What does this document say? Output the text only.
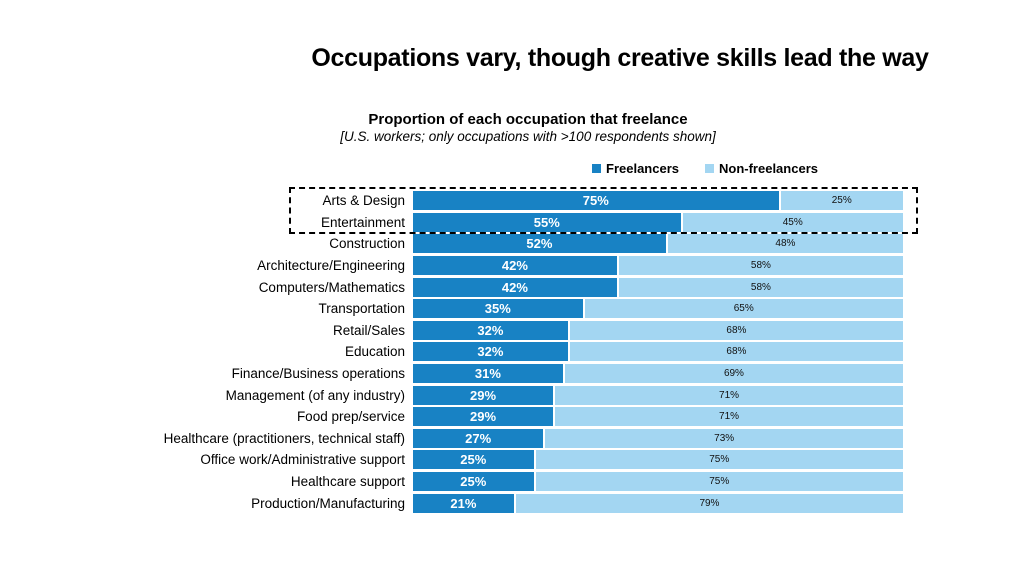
Occupations vary, though creative skills lead the way
Proportion of each occupation that freelance
[U.S. workers; only occupations with >100 respondents shown]
Freelancers	Non-freelancers
Arts & Design	75%	25%
Entertainment	55%	45%
Construction	52%	48%
Architecture/Engineering	42%	58%
Computers/Mathematics	42%	58%
Transportation	35%	65%
Retail/Sales	32%	68%
Education	32%	68%
Finance/Business operations	31%	69%
Management (of any industry)	29%	71%
Food prep/service	29%	71%
Healthcare (practitioners, technical staff)	27%	73%
Office work/Administrative support	25%	75%
Healthcare support	25%	75%
Production/Manufacturing	21%	79%
